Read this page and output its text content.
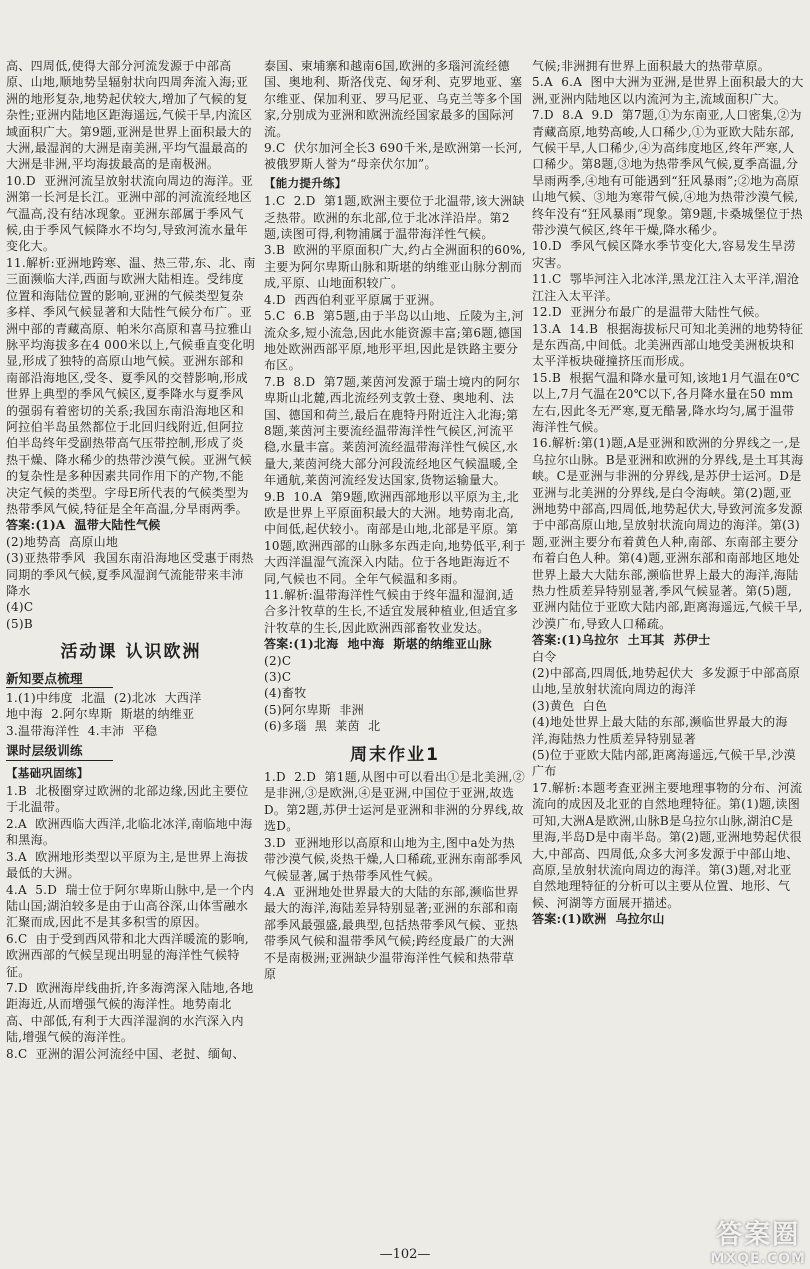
高、四周低,使得大部分河流发源于中部高原、山地,顺地势呈辐射状向四周奔流入海;亚洲的地形复杂,地势起伏较大,增加了气候的复杂性;亚洲内陆地区距海遥远,气候干旱,内流区域面积广大。第9题,亚洲是世界上面积最大的大洲,最湿润的大洲是南美洲,平均气温最高的大洲是非洲,平均海拔最高的是南极洲。

10.D  亚洲河流呈放射状流向周边的海洋。亚洲第一长河是长江。亚洲中部的河流流经地区气温高,没有结冰现象。亚洲东部属于季风气候,由于季风气候降水不均匀,导致河流水量年变化大。

11.解析:亚洲地跨寒、温、热三带,东、北、南三面濒临大洋,西面与欧洲大陆相连。受纬度位置和海陆位置的影响,亚洲的气候类型复杂多样、季风气候显著和大陆性气候分布广。亚洲中部的青藏高原、帕米尔高原和喜马拉雅山脉平均海拔多在4 000米以上,气候垂直变化明显,形成了独特的高原山地气候。亚洲东部和南部沿海地区,受冬、夏季风的交替影响,形成世界上典型的季风气候区,夏季降水与夏季风的强弱有着密切的关系;我国东南沿海地区和阿拉伯半岛虽然都位于北回归线附近,但阿拉伯半岛终年受副热带高气压带控制,形成了炎热干燥、降水稀少的热带沙漠气候。亚洲气候的复杂性是多种因素共同作用下的产物,不能决定气候的类型。字母E所代表的气候类型为热带季风气候,特征是全年高温,分旱雨两季。

答案:(1)A  温带大陆性气候

(2)地势高  高原山地

(3)亚热带季风  我国东南沿海地区受惠于雨热同期的季风气候,夏季风湿润气流能带来丰沛降水

(4)C

(5)B

活动课 认识欧洲
新知要点梳理

1.(1)中纬度  北温  (2)北冰  大西洋

地中海  2.阿尔卑斯  斯堪的纳维亚

3.温带海洋性  4.丰沛  平稳

课时层级训练
【基础巩固练】

1.B  北极圈穿过欧洲的北部边缘,因此主要位于北温带。

2.A  欧洲西临大西洋,北临北冰洋,南临地中海和黑海。

3.A  欧洲地形类型以平原为主,是世界上海拔最低的大洲。

4.A  5.D  瑞士位于阿尔卑斯山脉中,是一个内陆山国;湖泊较多是由于山高谷深,山体雪融水汇聚而成,因此不是其多积雪的原因。

6.C  由于受到西风带和北大西洋暖流的影响,欧洲西部的气候呈现出明显的海洋性气候特征。

7.D  欧洲海岸线曲折,许多海湾深入陆地,各地距海近,从而增强气候的海洋性。地势南北高、中部低,有利于大西洋湿润的水汽深入内陆,增强气候的海洋性。

8.C  亚洲的湄公河流经中国、老挝、缅甸、

泰国、柬埔寨和越南6国,欧洲的多瑙河流经德国、奥地利、斯洛伐克、匈牙利、克罗地亚、塞尔维亚、保加利亚、罗马尼亚、乌克兰等多个国家,分别成为亚洲和欧洲流经国家最多的国际河流。

9.C  伏尔加河全长3 690千米,是欧洲第一长河,被俄罗斯人誉为“母亲伏尔加”。

【能力提升练】

1.C  2.D  第1题,欧洲主要位于北温带,该大洲缺乏热带。欧洲的东北部,位于北冰洋沿岸。第2题,读图可得,利物浦属于温带海洋性气候。

3.B  欧洲的平原面积广大,约占全洲面积的60%,主要为阿尔卑斯山脉和斯堪的纳维亚山脉分割而成,平原、山地面积较广。

4.D  西西伯利亚平原属于亚洲。

5.C  6.B  第5题,由于半岛以山地、丘陵为主,河流众多,短小流急,因此水能资源丰富;第6题,德国地处欧洲西部平原,地形平坦,因此是铁路主要分布区。

7.B  8.D  第7题,莱茵河发源于瑞士境内的阿尔卑斯山北麓,西北流经列支敦士登、奥地利、法国、德国和荷兰,最后在鹿特丹附近注入北海;第8题,莱茵河主要流经温带海洋性气候区,河流平稳,水量丰富。莱茵河流经温带海洋性气候区,水量大,莱茵河绕大部分河段流经地区气候温暖,全年通航,莱茵河流经发达国家,货物运输量大。

9.B  10.A  第9题,欧洲西部地形以平原为主,北欧是世界上平原面积最大的大洲。地势南北高,中间低,起伏较小。南部是山地,北部是平原。第10题,欧洲西部的山脉多东西走向,地势低平,利于大西洋温湿气流深入内陆。位于各地距海近不同,气候也不同。全年气候温和多雨。

11.解析:温带海洋性气候由于终年温和湿润,适合多汁牧草的生长,不适宜发展种植业,但适宜多汁牧草的生长,因此欧洲西部畜牧业发达。

答案:(1)北海  地中海  斯堪的纳维亚山脉

(2)C

(3)C

(4)畜牧

(5)阿尔卑斯  非洲

(6)多瑙  黑  莱茵  北

周末作业1

1.D  2.D  第1题,从图中可以看出①是北美洲,②是非洲,③是欧洲,④是亚洲,中国位于亚洲,故选D。第2题,苏伊士运河是亚洲和非洲的分界线,故选D。

3.D  亚洲地形以高原和山地为主,图中a处为热带沙漠气候,炎热干燥,人口稀疏,亚洲东南部季风气候显著,属于热带季风性气候。

4.A  亚洲地处世界最大的大陆的东部,濒临世界最大的海洋,海陆差异特别显著;亚洲的东部和南部季风最强盛,最典型,包括热带季风气候、亚热带季风气候和温带季风气候;跨经度最广的大洲不是南极洲;亚洲缺少温带海洋性气候和热带草原

气候;非洲拥有世界上面积最大的热带草原。

5.A  6.A  图中大洲为亚洲,是世界上面积最大的大洲,亚洲内陆地区以内流河为主,流域面积广大。

7.D  8.A  9.D  第7题,①为东南亚,人口密集,②为青藏高原,地势高峻,人口稀少,①为亚欧大陆东部,气候干旱,人口稀少,④为高纬度地区,终年严寒,人口稀少。第8题,③地为热带季风气候,夏季高温,分旱雨两季,④地有可能遇到“狂风暴雨”;②地为高原山地气候、③地为寒带气候,④地为热带沙漠气候,终年没有“狂风暴雨”现象。第9题,卡桑城堡位于热带沙漠气候区,终年干燥,降水稀少。

10.D  季风气候区降水季节变化大,容易发生旱涝灾害。

11.C  鄂毕河注入北冰洋,黑龙江注入太平洋,湄沧江注入太平洋。

12.D  亚洲分布最广的是温带大陆性气候。

13.A  14.B  根据海拔标尺可知北美洲的地势特征是东西高,中间低。北美洲西部山地受美洲板块和太平洋板块碰撞挤压而形成。

15.B  根据气温和降水量可知,该地1月气温在0℃以上,7月气温在20℃以下,各月降水量在50 mm左右,因此冬无严寒,夏无酷暑,降水均匀,属于温带海洋性气候。

16.解析:第(1)题,A是亚洲和欧洲的分界线之一,是乌拉尔山脉。B是亚洲和欧洲的分界线,是土耳其海峡。C是亚洲与非洲的分界线,是苏伊士运河。D是亚洲与北美洲的分界线,是白令海峡。第(2)题,亚洲地势中部高,四周低,地势起伏大,导致河流多发源于中部高原山地,呈放射状流向周边的海洋。第(3)题,亚洲主要分布着黄色人种,南部、东南部主要分布着白色人种。第(4)题,亚洲东部和南部地区地处世界上最大大陆东部,濒临世界上最大的海洋,海陆热力性质差异特别显著,季风气候显著。第(5)题,亚洲内陆位于亚欧大陆内部,距离海遥远,气候干旱,沙漠广布,导致人口稀疏。

答案:(1)乌拉尔  土耳其  苏伊士

白令

(2)中部高,四周低,地势起伏大  多发源于中部高原山地,呈放射状流向周边的海洋

(3)黄色  白色

(4)地处世界上最大陆的东部,濒临世界最大的海洋,海陆热力性质差异特别显著

(5)位于亚欧大陆内部,距离海遥远,气候干旱,沙漠广布

17.解析:本题考查亚洲主要地理事物的分布、河流流向的成因及北亚的自然地理特征。第(1)题,读图可知,大洲A是欧洲,山脉B是乌拉尔山脉,湖泊C是里海,半岛D是中南半岛。第(2)题,亚洲地势起伏很大,中部高、四周低,众多大河多发源于中部山地、高原,呈放射状流向周边的海洋。第(3)题,对北亚自然地理特征的分析可以主要从位置、地形、气候、河湖等方面展开描述。

答案:(1)欧洲  乌拉尔山

—102—
答案圈
MXQE.COM
